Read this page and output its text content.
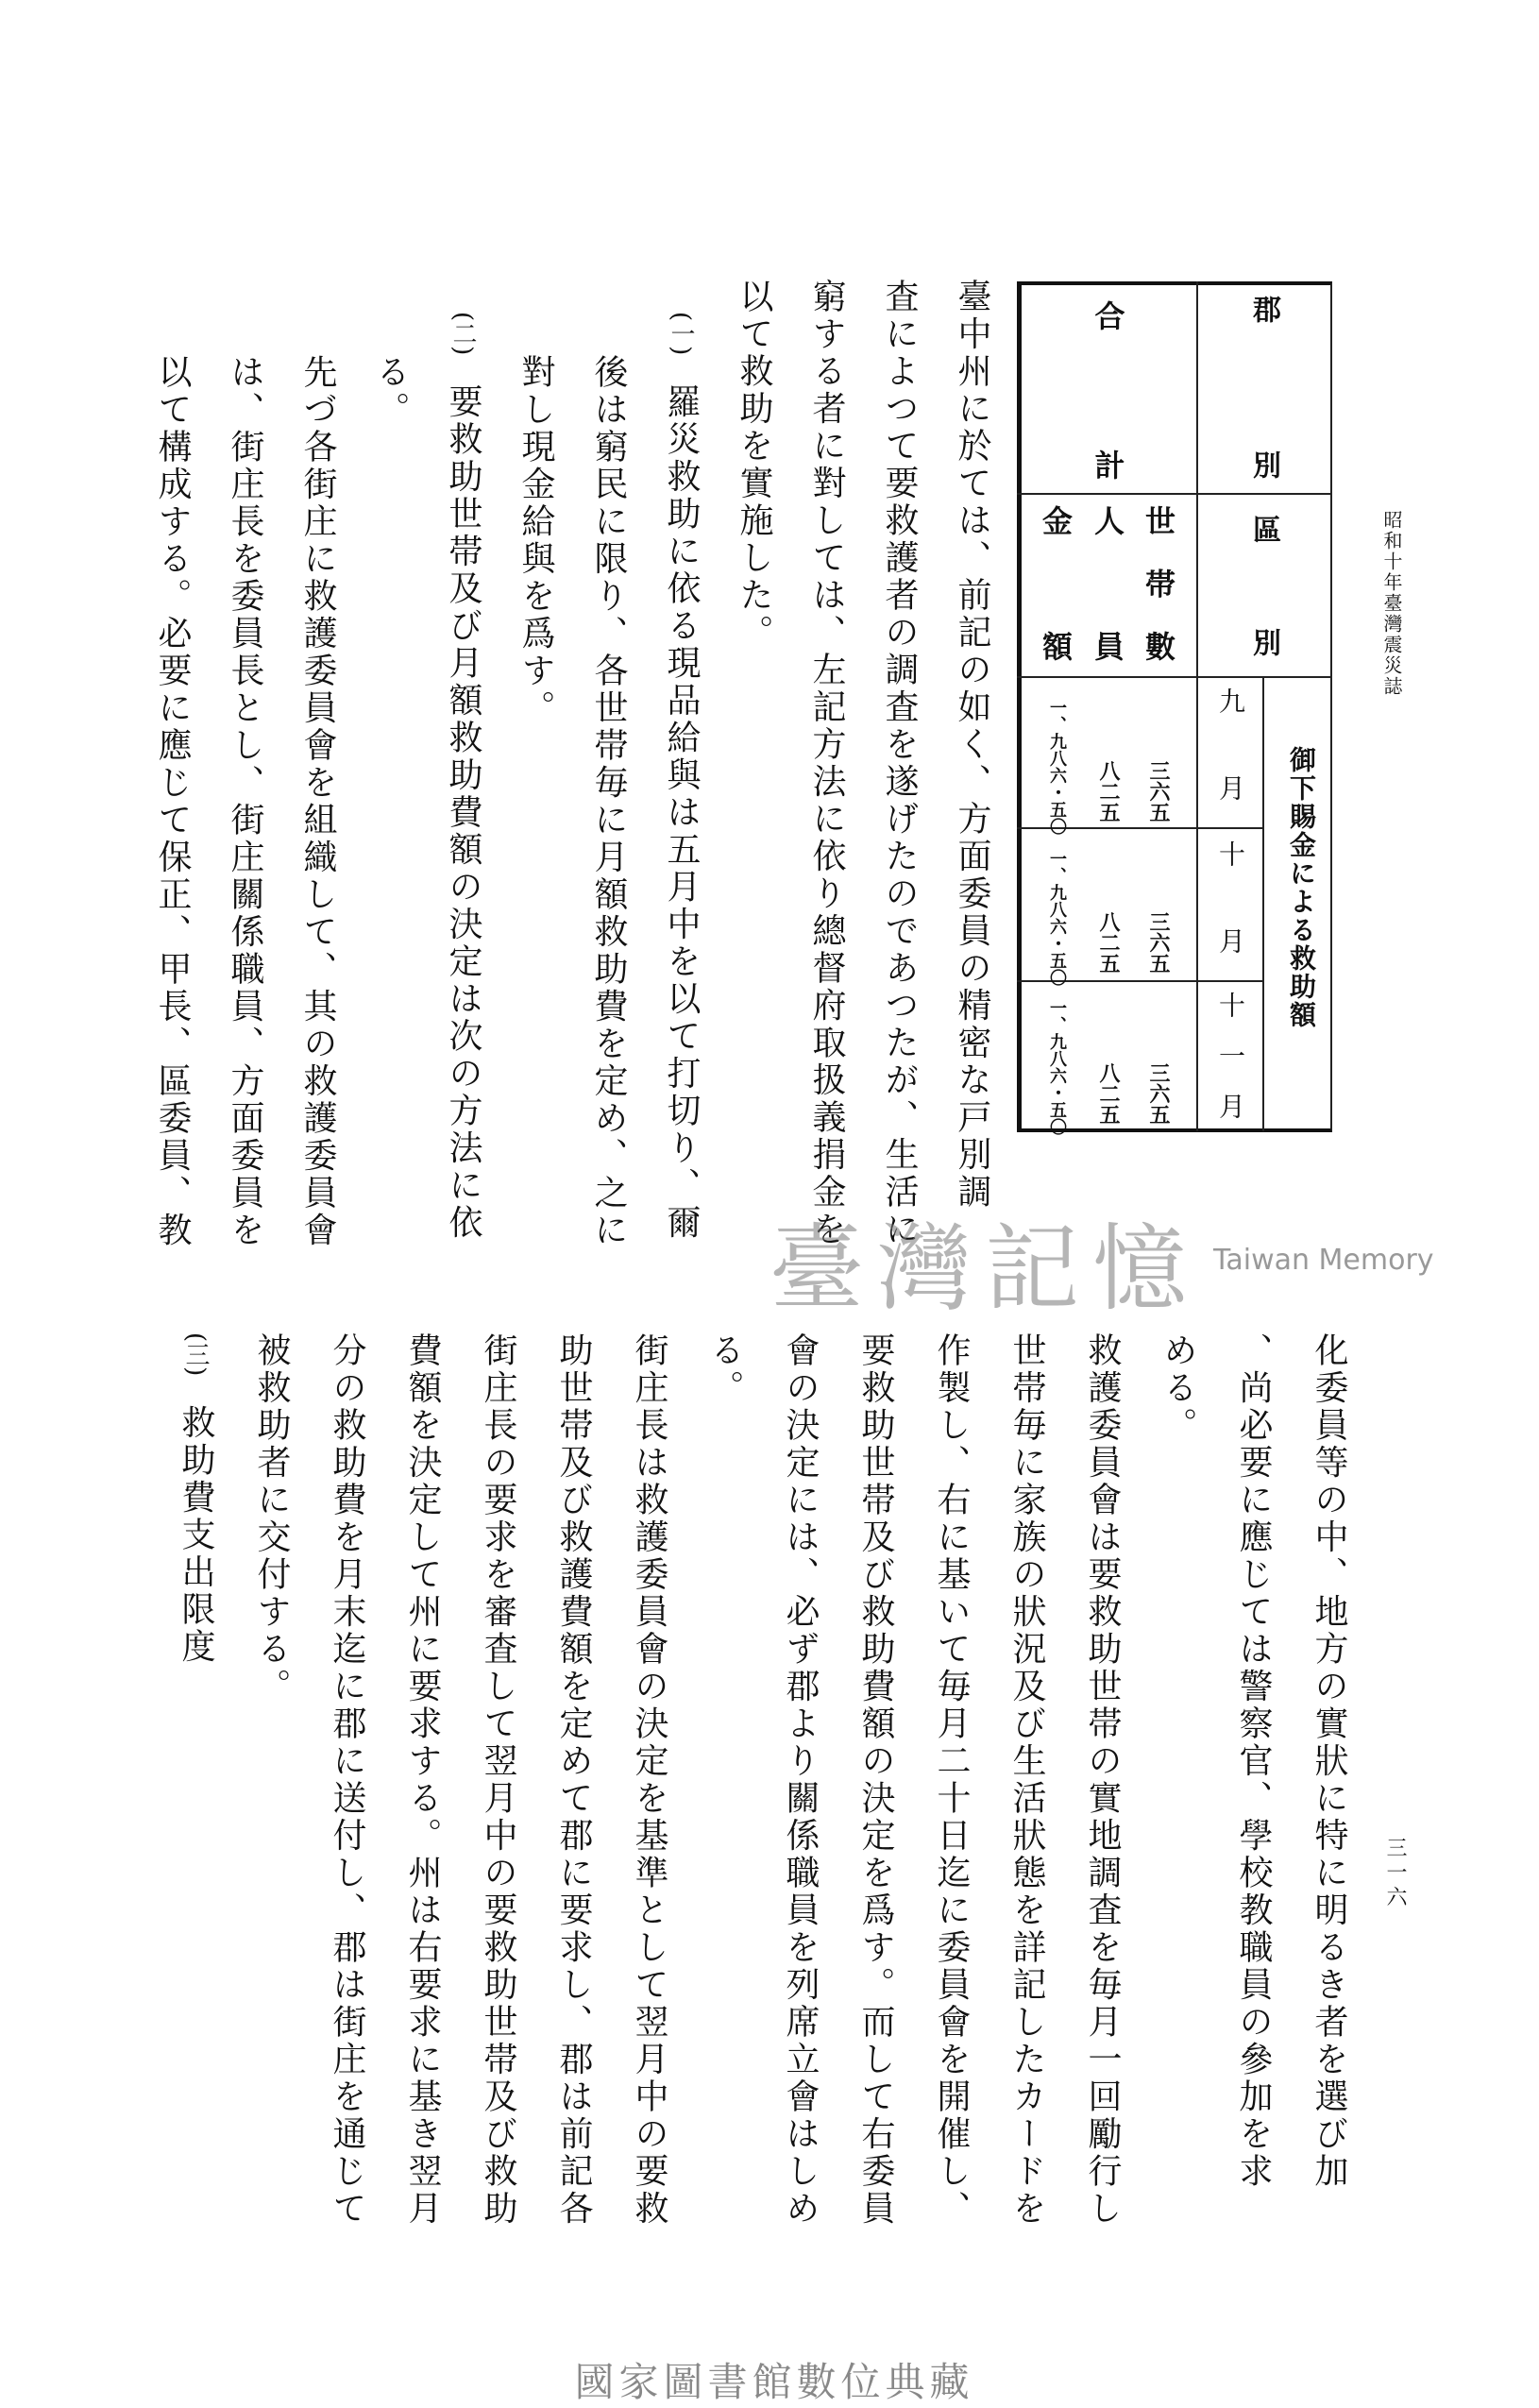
昭和十年臺灣震災誌
三一六
郡別
區別
合計
世帯數
人員
金額
御下賜金による救助額
九月
三六五
八二五
一、九八六・五〇
十月
三六五
八二五
一、九八六・五〇
十一月
三六五
八二五
一、九八六・五〇
臺中州に於ては、前記の如く、方面委員の精密な戸別調
査によつて要救護者の調査を遂げたのであつたが、生活に
窮する者に對しては、左記方法に依り總督府取扱義捐金を
以て救助を實施した。
(一)羅災救助に依る現品給與は五月中を以て打切り、爾
後は窮民に限り、各世帯毎に月額救助費を定め、之に
對し現金給與を爲す。
(二)要救助世帯及び月額救助費額の決定は次の方法に依
る。
先づ各街庄に救護委員會を組織して、其の救護委員會
は、街庄長を委員長とし、街庄關係職員、方面委員を
以て構成する。必要に應じて保正、甲長、區委員、教
化委員等の中、地方の實狀に特に明るき者を選び加
、尚必要に應じては警察官、學校教職員の參加を求
める。
救護委員會は要救助世帯の實地調査を毎月一回勵行し
世帯毎に家族の狀況及び生活狀態を詳記したカードを
作製し、右に基いて毎月二十日迄に委員會を開催し、
要救助世帯及び救助費額の決定を爲す。而して右委員
會の決定には、必ず郡より關係職員を列席立會はしめ
る。
街庄長は救護委員會の決定を基準として翌月中の要救
助世帯及び救護費額を定めて郡に要求し、郡は前記各
街庄長の要求を審査して翌月中の要救助世帯及び救助
費額を決定して州に要求する。州は右要求に基き翌月
分の救助費を月末迄に郡に送付し、郡は街庄を通じて
被救助者に交付する。
(三)救助費支出限度
臺灣記憶 Taiwan Memory
國家圖書館數位典藏
